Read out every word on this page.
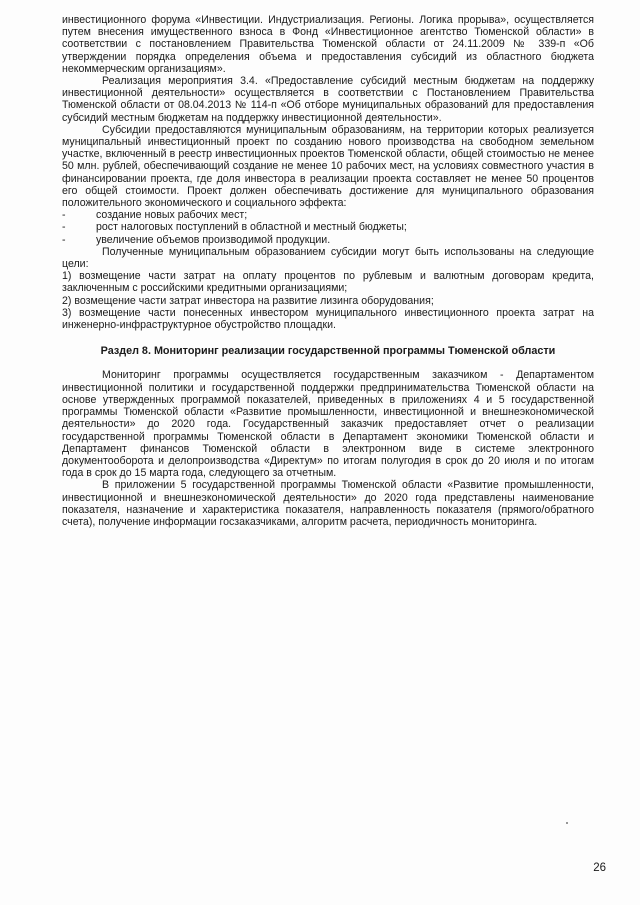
инвестиционного форума «Инвестиции. Индустриализация. Регионы. Логика прорыва», осуществляется путем внесения имущественного взноса в Фонд «Инвестиционное агентство Тюменской области» в соответствии с постановлением Правительства Тюменской области от 24.11.2009 № 339-п «Об утверждении порядка определения объема и предоставления субсидий из областного бюджета некоммерческим организациям».

Реализация мероприятия 3.4. «Предоставление субсидий местным бюджетам на поддержку инвестиционной деятельности» осуществляется в соответствии с Постановлением Правительства Тюменской области от 08.04.2013 № 114-п «Об отборе муниципальных образований для предоставления субсидий местным бюджетам на поддержку инвестиционной деятельности».

Субсидии предоставляются муниципальным образованиям, на территории которых реализуется муниципальный инвестиционный проект по созданию нового производства на свободном земельном участке, включенный в реестр инвестиционных проектов Тюменской области, общей стоимостью не менее 50 млн. рублей, обеспечивающий создание не менее 10 рабочих мест, на условиях совместного участия в финансировании проекта, где доля инвестора в реализации проекта составляет не менее 50 процентов его общей стоимости. Проект должен обеспечивать достижение для муниципального образования положительного экономического и социального эффекта:

-	создание новых рабочих мест;
-	рост налоговых поступлений в областной и местный бюджеты;
-	увеличение объемов производимой продукции.

Полученные муниципальным образованием субсидии могут быть использованы на следующие цели:

1) возмещение части затрат на оплату процентов по рублевым и валютным договорам кредита, заключенным с российскими кредитными организациями;

2) возмещение части затрат инвестора на развитие лизинга оборудования;

3) возмещение части понесенных инвестором муниципального инвестиционного проекта затрат на инженерно-инфраструктурное обустройство площадки.

Раздел 8. Мониторинг реализации государственной программы Тюменской области

Мониторинг программы осуществляется государственным заказчиком - Департаментом инвестиционной политики и государственной поддержки предпринимательства Тюменской области на основе утвержденных программой показателей, приведенных в приложениях 4 и 5 государственной программы Тюменской области «Развитие промышленности, инвестиционной и внешнеэкономической деятельности» до 2020 года. Государственный заказчик предоставляет отчет о реализации государственной программы Тюменской области в Департамент экономики Тюменской области и Департамент финансов Тюменской области в электронном виде в системе электронного документооборота и делопроизводства «Директум» по итогам полугодия в срок до 20 июля и по итогам года в срок до 15 марта года, следующего за отчетным.

В приложении 5 государственной программы Тюменской области «Развитие промышленности, инвестиционной и внешнеэкономической деятельности» до 2020 года представлены наименование показателя, назначение и характеристика показателя, направленность показателя (прямого/обратного счета), получение информации госзаказчиками, алгоритм расчета, периодичность мониторинга.

26
